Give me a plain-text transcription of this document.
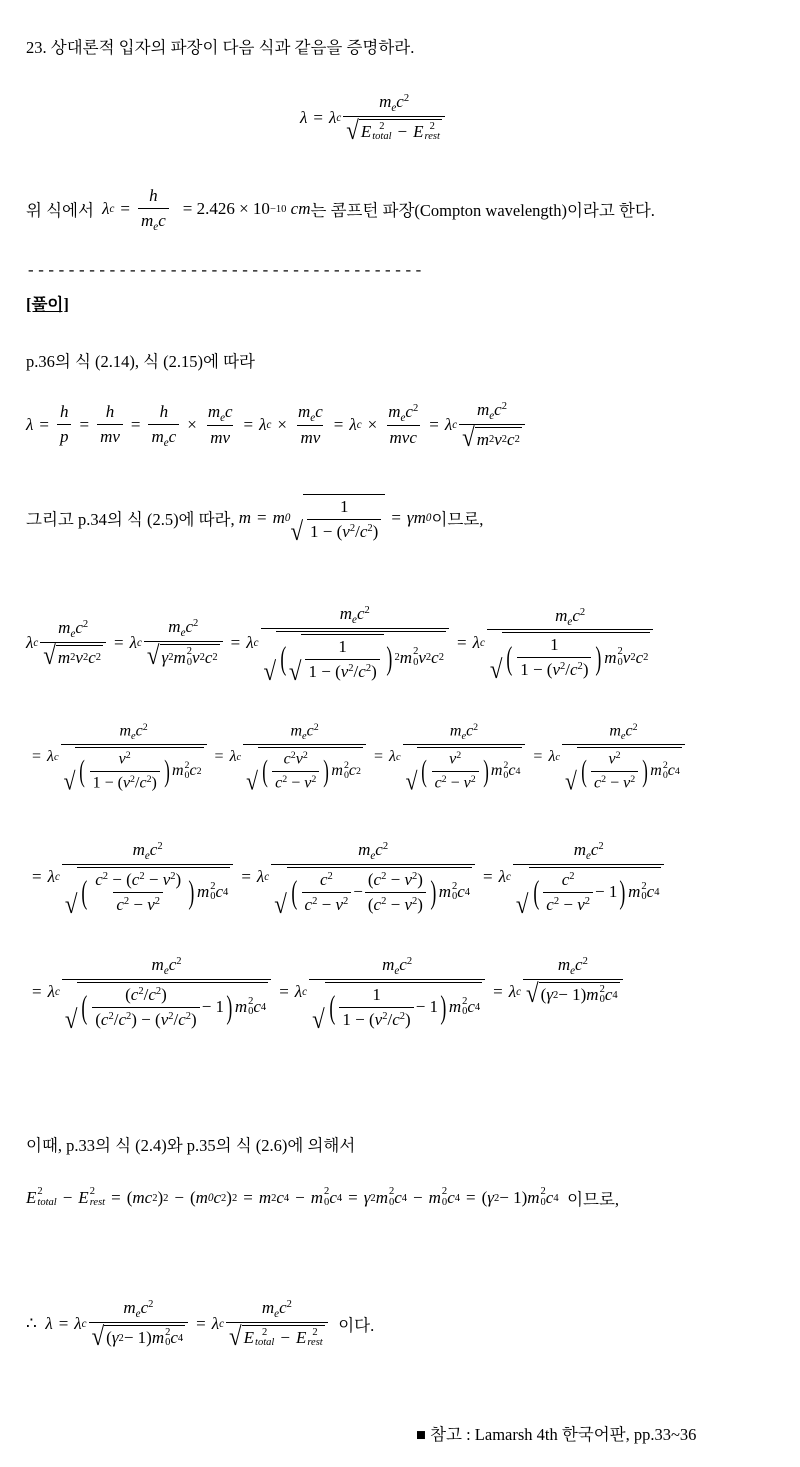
23. 상대론적 입자의 파장이 다음 식과 같음을 증명하라.
λ = λ c $m_ec^2$
√ E 2
total − E 2
rest
위 식에서
λ $c = \frac{h}{m_ec} = 2.426 \times 10 -10$
cm 는 콤프턴 파장(Compton wavelength)이라고 한다.
---------------------------------------
[풀이]
p.36의 식 (2.14), 식 (2.15)에 따라
$\lambda = \frac{h}{p} = \frac{h}{mv} = \frac{h}{m_ec} \times \frac{m_ec}{mv} = \lambda$ $c \times \frac{m_ec}{mv} = \lambda$ $c \times \frac{m_ec^2}{\text{mvc}} = \lambda$ c $\frac{m_ec^2}{√ m 2 v 2 c 2}$
그리고 p.34의 식 (2.5)에 따라,
m = m 0 √ $\frac{1}{1 - (v^2/c^2)} = \gamma m$ 0 이므로,
λ c $\frac{m_ec^2}{√ m 2 v 2 c 2} = \lambda$ c $m_ec^2$
√ γ 2 m 2
0 v 2 c 2 = λ c $m_ec^2$
√ ( √ $\frac{1}{1 - (v^2/c^2)}$ ) 2 m 2
0 v 2 c 2 = λ c $m_ec^2$
√ ( $\frac{1}{1 - (v^2/c^2)}$ ) m 2
0 v 2 c 2
= λ c $m_ec^2$
√ ( $\frac{v^2}{1 - (v^2/c^2)}$ ) m 2
0 c 2 = λ c $m_ec^2$
√ ( $\frac{c^2v^2}{c^2 - v^2}$ ) m 2
0 c 2 = λ c $m_ec^2$
√ ( $\frac{v^2}{c^2 - v^2}$ ) m 2
0 c 4 = λ c $m_ec^2$
√ ( $\frac{v^2}{c^2 - v^2}$ ) m 2
0 c 4
= λ c $m_ec^2$
√ ( $\frac{c^2 - (c^2 - v^2)}{c^2 - v^2}$ ) m 2
0 c 4 = λ c $m_ec^2$
√ ( $\frac{c^2}{c^2 - v^2} - \frac{(c^2 - v^2)}{(c^2 - v^2)}$ ) m 2
0 c 4 = λ c $m_ec^2$
√ ( $\frac{c^2}{c^2 - v^2} - 1$ ) m 2
0 c 4
= λ c $m_ec^2$
√ ( $\frac{(c^2/c^2)}{(c^2/c^2) - (v^2/c^2)} - 1$ ) m 2
0 c 4 = λ c $m_ec^2$
√ ( $\frac{1}{1 - (v^2/c^2)} - 1$ ) m 2
0 c 4 = λ c $m_ec^2$
√ ( γ 2 − 1) m 2
0 c 4
이때, p.33의 식 (2.4)와 p.35의 식 (2.6)에 의해서
E 2
total − E 2
rest = ( mc 2 ) 2 − ( m 0 c 2 ) 2 = m 2 c 4 − m 2
0 c 4 = γ 2 m 2
0 c 4 − m 2
0 c 4 = ( γ 2 − 1) m 2
0 c 4
이므로,
∴
λ = λ c $m_ec^2$
√ ( γ 2 − 1) m 2
0 c 4 = λ c $m_ec^2$
√ E 2
total − E 2
rest
이다.
■ 참고 : Lamarsh 4th 한국어판, pp.33~36
